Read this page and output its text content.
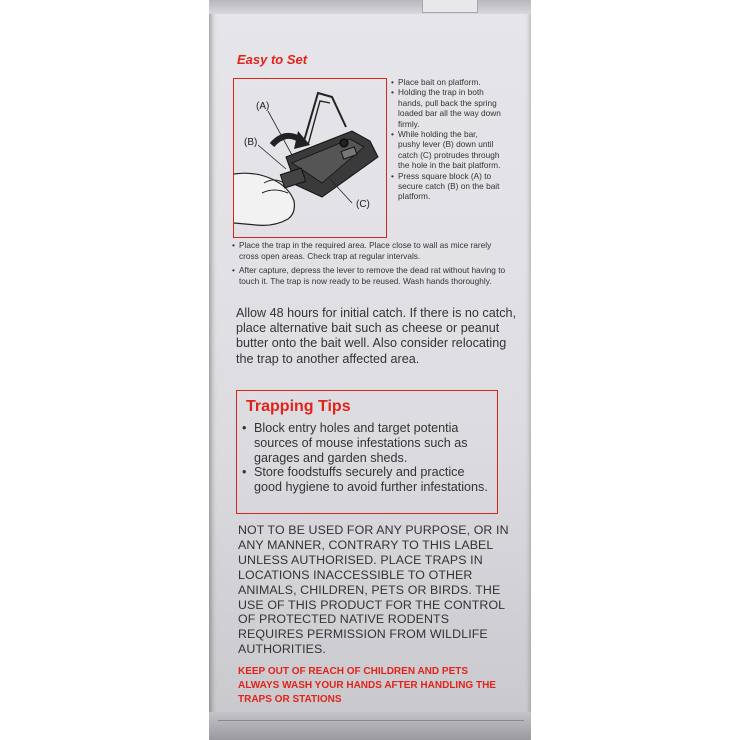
Easy to Set
(A)
(B)
(C)
• Place bait on platform.
• Holding the trap in both hands, pull back the spring loaded bar all the way down firmly.
• While holding the bar, pushy lever (B) down until catch (C) protrudes through the hole in the bait platform.
• Press square block (A) to secure catch (B) on the bait platform.
• Place the trap in the required area. Place close to wall as mice rarely cross open areas. Check trap at regular intervals.
• After capture, depress the lever to remove the dead rat without having to touch it. The trap is now ready to be reused. Wash hands thoroughly.
Allow 48 hours for initial catch. If there is no catch, place alternative bait such as cheese or peanut butter onto the bait well. Also consider relocating the trap to another affected area.
Trapping Tips
• Block entry holes and target potentia sources of mouse infestations such as garages and garden sheds.
• Store foodstuffs securely and practice good hygiene to avoid further infestations.
NOT TO BE USED FOR ANY PURPOSE, OR IN ANY MANNER, CONTRARY TO THIS LABEL UNLESS AUTHORISED. PLACE TRAPS IN LOCATIONS INACCESSIBLE TO OTHER ANIMALS, CHILDREN, PETS OR BIRDS. THE USE OF THIS PRODUCT FOR THE CONTROL OF PROTECTED NATIVE RODENTS REQUIRES PERMISSION FROM WILDLIFE AUTHORITIES.
KEEP OUT OF REACH OF CHILDREN AND PETS
ALWAYS WASH YOUR HANDS AFTER HANDLING THE TRAPS OR STATIONS
